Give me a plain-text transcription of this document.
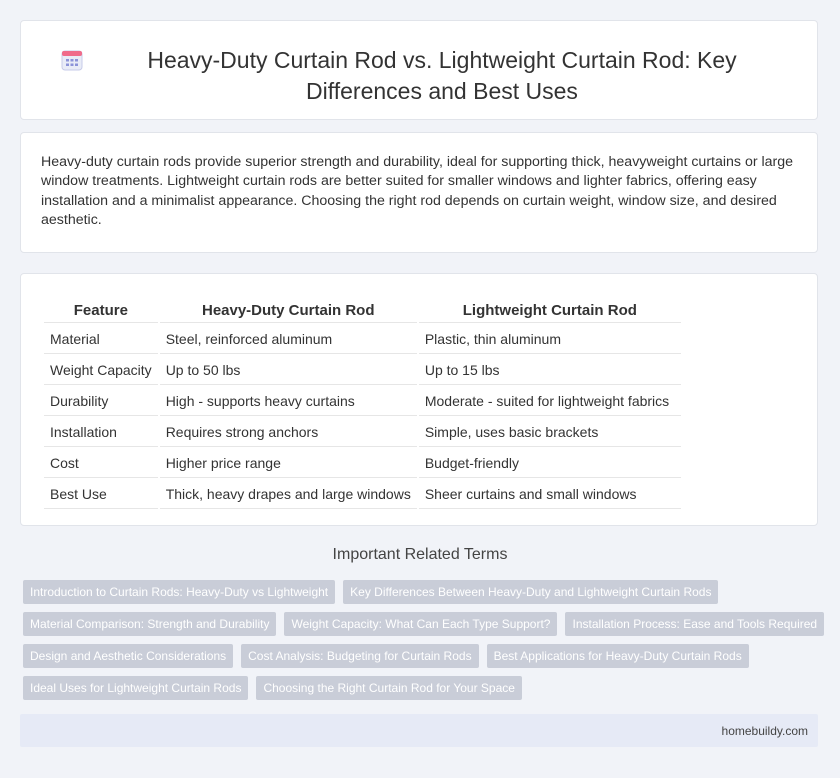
Heavy-Duty Curtain Rod vs. Lightweight Curtain Rod: Key Differences and Best Uses

Heavy-duty curtain rods provide superior strength and durability, ideal for supporting thick, heavyweight curtains or large window treatments. Lightweight curtain rods are better suited for smaller windows and lighter fabrics, offering easy installation and a minimalist appearance. Choosing the right rod depends on curtain weight, window size, and desired aesthetic.

Feature	Heavy-Duty Curtain Rod	Lightweight Curtain Rod
Material	Steel, reinforced aluminum	Plastic, thin aluminum
Weight Capacity	Up to 50 lbs	Up to 15 lbs
Durability	High - supports heavy curtains	Moderate - suited for lightweight fabrics
Installation	Requires strong anchors	Simple, uses basic brackets
Cost	Higher price range	Budget-friendly
Best Use	Thick, heavy drapes and large windows	Sheer curtains and small windows
Important Related Terms
Introduction to Curtain Rods: Heavy-Duty vs Lightweight	Key Differences Between Heavy-Duty and Lightweight Curtain Rods
Material Comparison: Strength and Durability	Weight Capacity: What Can Each Type Support?	Installation Process: Ease and Tools Required
Design and Aesthetic Considerations	Cost Analysis: Budgeting for Curtain Rods	Best Applications for Heavy-Duty Curtain Rods
Ideal Uses for Lightweight Curtain Rods	Choosing the Right Curtain Rod for Your Space
homebuildy.com
